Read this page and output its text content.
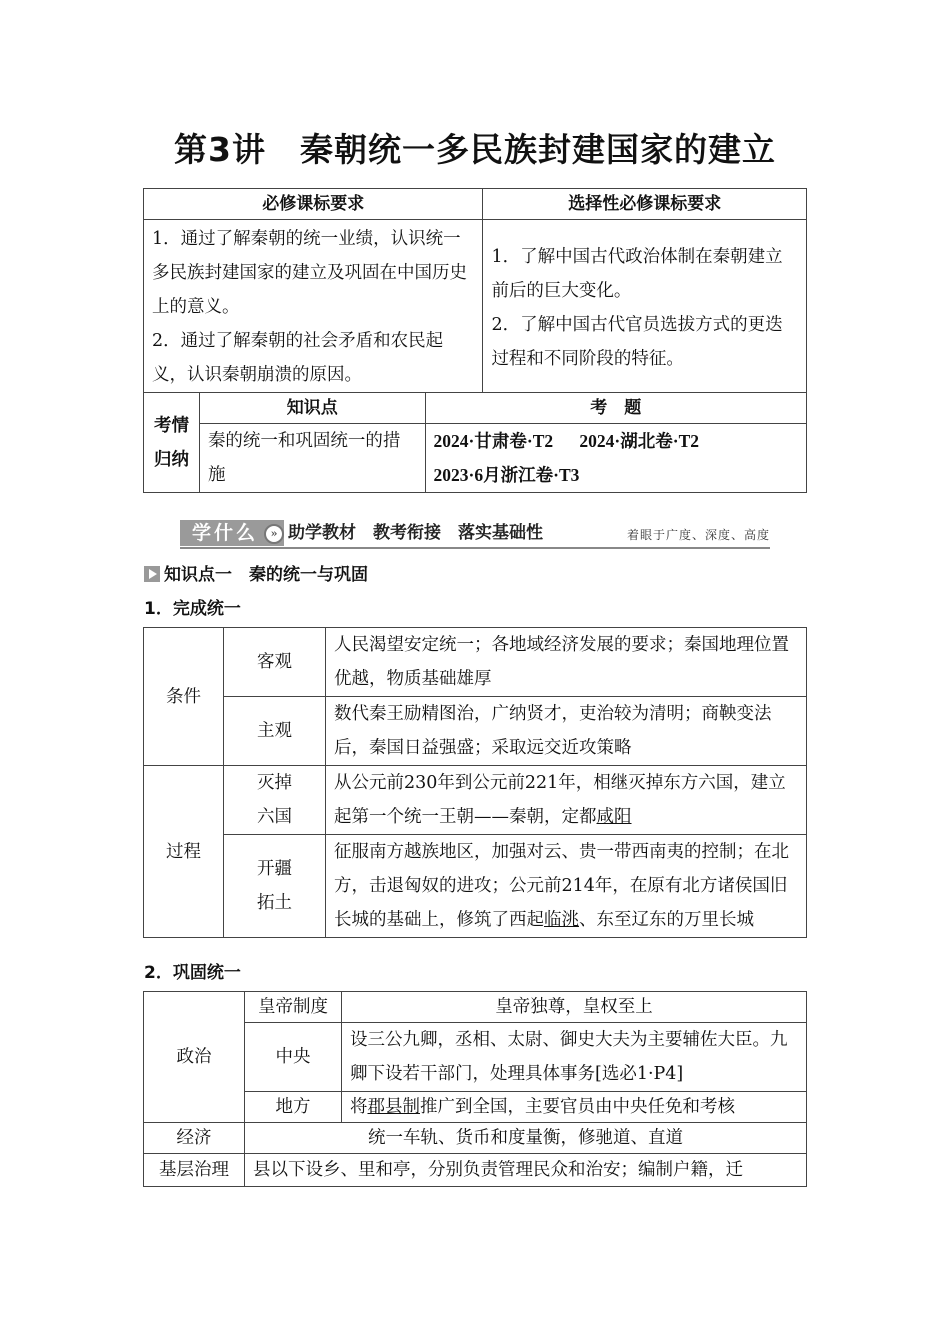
第3讲　秦朝统一多民族封建国家的建立
必修课标要求			选择性必修课标要求

1．通过了解秦朝的统一业绩，认识统一多民族封建国家的建立及巩固在中国历史上的意义。
2．通过了解秦朝的社会矛盾和农民起义，认识秦朝崩溃的原因。

1．了解中国古代政治体制在秦朝建立前后的巨大变化。
2．了解中国古代官员选拔方式的更迭过程和不同阶段的特征。

考情归纳	知识点	考　题	
	秦的统一和巩固统一的措施	2024·甘肃卷·T2 2024·湖北卷·T2
2023·6月浙江卷·T3	
学什么	» 助学教材　教考衔接　落实基础性	着眼于广度、深度、高度
知识点一　秦的统一与巩固
1．完成统一
条件	客观	人民渴望安定统一；各地域经济发展的要求；秦国地理位置优越，物质基础雄厚
	主观	数代秦王励精图治，广纳贤才，吏治较为清明；商鞅变法后，秦国日益强盛；采取远交近攻策略
过程	灭掉六国	从公元前230年到公元前221年，相继灭掉东方六国，建立起第一个统一王朝——秦朝，定都咸阳
	开疆拓土	征服南方越族地区，加强对云、贵一带西南夷的控制；在北方，击退匈奴的进攻；公元前214年，在原有北方诸侯国旧长城的基础上，修筑了西起临洮、东至辽东的万里长城
2．巩固统一
政治	皇帝制度	皇帝独尊，皇权至上
	中央	设三公九卿，丞相、太尉、御史大夫为主要辅佐大臣。九卿下设若干部门，处理具体事务[选必1·P4]
	地方	将郡县制推广到全国，主要官员由中央任免和考核
经济	统一车轨、货币和度量衡，修驰道、直道	
基层治理	县以下设乡、里和亭，分别负责管理民众和治安；编制户籍，迁	
